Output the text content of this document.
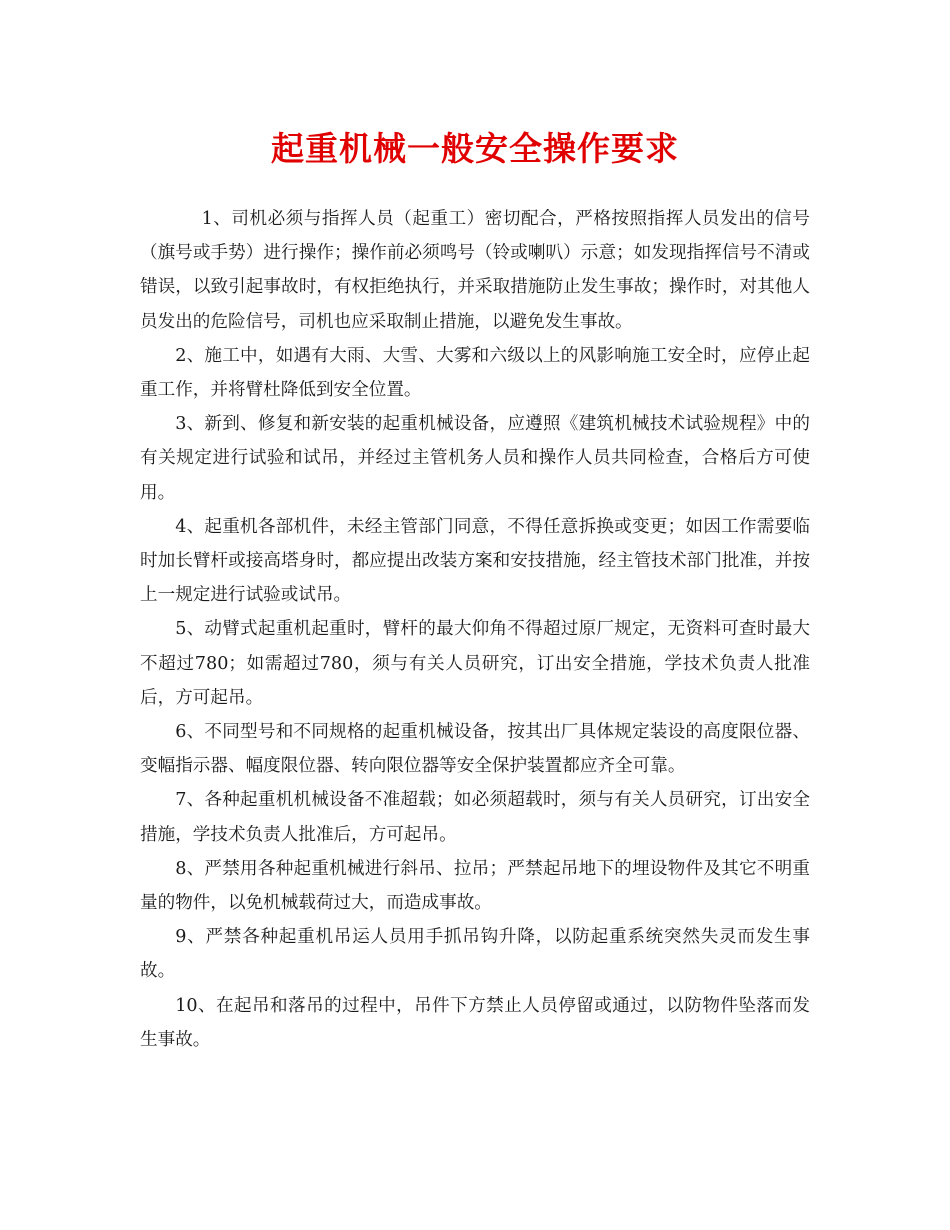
起重机械一般安全操作要求

1、司机必须与指挥人员（起重工）密切配合，严格按照指挥人员发出的信号（旗号或手势）进行操作；操作前必须鸣号（铃或喇叭）示意；如发现指挥信号不清或错误，以致引起事故时，有权拒绝执行，并采取措施防止发生事故；操作时，对其他人员发出的危险信号，司机也应采取制止措施，以避免发生事故。

2、施工中，如遇有大雨、大雪、大雾和六级以上的风影响施工安全时，应停止起重工作，并将臂杜降低到安全位置。

3、新到、修复和新安装的起重机械设备，应遵照《建筑机械技术试验规程》中的有关规定进行试验和试吊，并经过主管机务人员和操作人员共同检查，合格后方可使用。

4、起重机各部机件，未经主管部门同意，不得任意拆换或变更；如因工作需要临时加长臂杆或接高塔身时，都应提出改装方案和安技措施，经主管技术部门批准，并按上一规定进行试验或试吊。

5、动臂式起重机起重时，臂杆的最大仰角不得超过原厂规定，无资料可查时最大不超过780；如需超过780，须与有关人员研究，订出安全措施，学技术负责人批准后，方可起吊。

6、不同型号和不同规格的起重机械设备，按其出厂具体规定装设的高度限位器、变幅指示器、幅度限位器、转向限位器等安全保护装置都应齐全可靠。

7、各种起重机机械设备不准超载；如必须超载时，须与有关人员研究，订出安全措施，学技术负责人批准后，方可起吊。

8、严禁用各种起重机械进行斜吊、拉吊；严禁起吊地下的埋设物件及其它不明重量的物件，以免机械载荷过大，而造成事故。

9、严禁各种起重机吊运人员用手抓吊钩升降，以防起重系统突然失灵而发生事故。

10、在起吊和落吊的过程中，吊件下方禁止人员停留或通过，以防物件坠落而发生事故。
